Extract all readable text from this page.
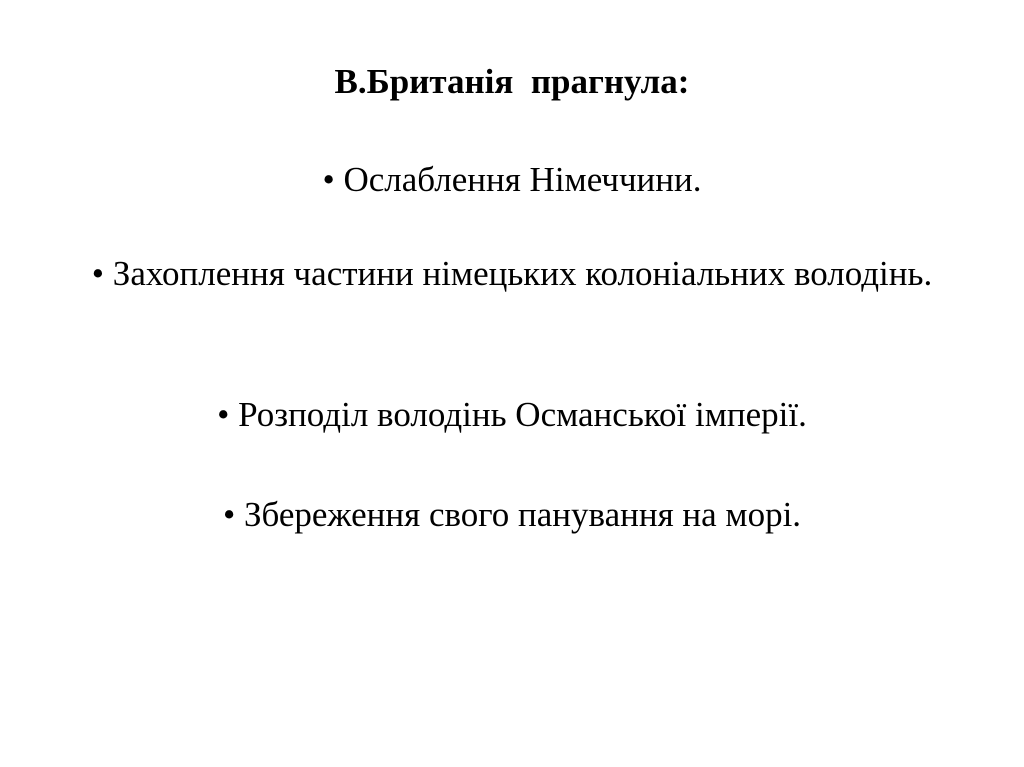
В.Британія  прагнула:
• Ослаблення Німеччини.
• Захоплення частини німецьких колоніальних володінь.
• Розподіл володінь Османської імперії.
• Збереження свого панування на морі.
